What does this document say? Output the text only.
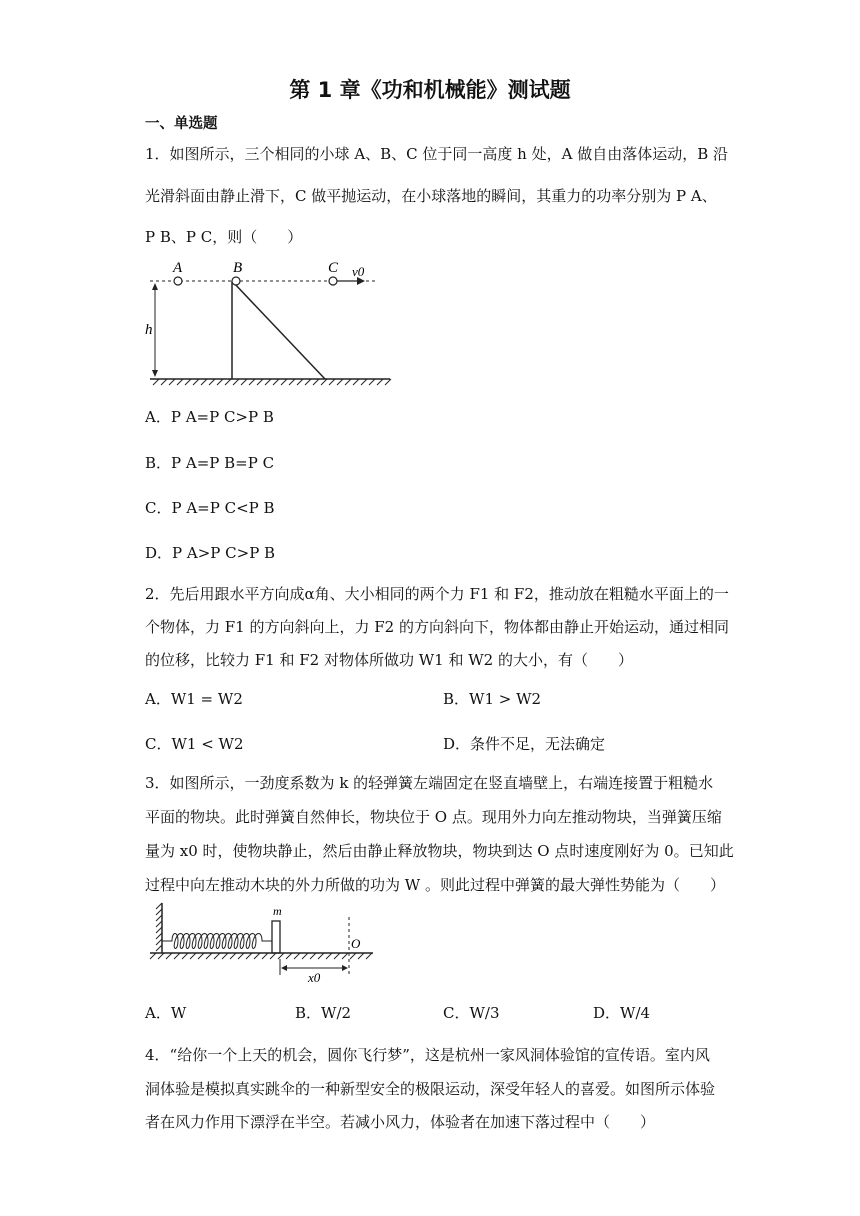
第 1 章《功和机械能》测试题
一、单选题
1．如图所示，三个相同的小球 A、B、C 位于同一高度 h 处，A 做自由落体运动，B 沿
光滑斜面由静止滑下，C 做平抛运动，在小球落地的瞬间，其重力的功率分别为 P A、
P B、P C，则（　　）
h
A	B	C v0
A．P A=P C>P B
B．P A=P B=P C
C．P A=P C<P B
D．P A>P C>P B
2．先后用跟水平方向成α角、大小相同的两个力 F1 和 F2，推动放在粗糙水平面上的一
个物体，力 F1 的方向斜向上，力 F2 的方向斜向下，物体都由静止开始运动，通过相同
的位移，比较力 F1 和 F2 对物体所做功 W1 和 W2 的大小，有（　　）
A．W1 = W2	B．W1 > W2
C．W1 < W2	D．条件不足，无法确定
3．如图所示，一劲度系数为 k 的轻弹簧左端固定在竖直墙壁上，右端连接置于粗糙水
平面的物块。此时弹簧自然伸长，物块位于 O 点。现用外力向左推动物块，当弹簧压缩
量为 x0 时，使物块静止，然后由静止释放物块，物块到达 O 点时速度刚好为 0。已知此
过程中向左推动木块的外力所做的功为 W 。则此过程中弹簧的最大弹性势能为（　　）
m
O
x0
A．W	B．W/2	C．W/3	D．W/4
4．“给你一个上天的机会，圆你飞行梦”，这是杭州一家风洞体验馆的宣传语。室内风
洞体验是模拟真实跳伞的一种新型安全的极限运动，深受年轻人的喜爱。如图所示体验
者在风力作用下漂浮在半空。若减小风力，体验者在加速下落过程中（　　）
